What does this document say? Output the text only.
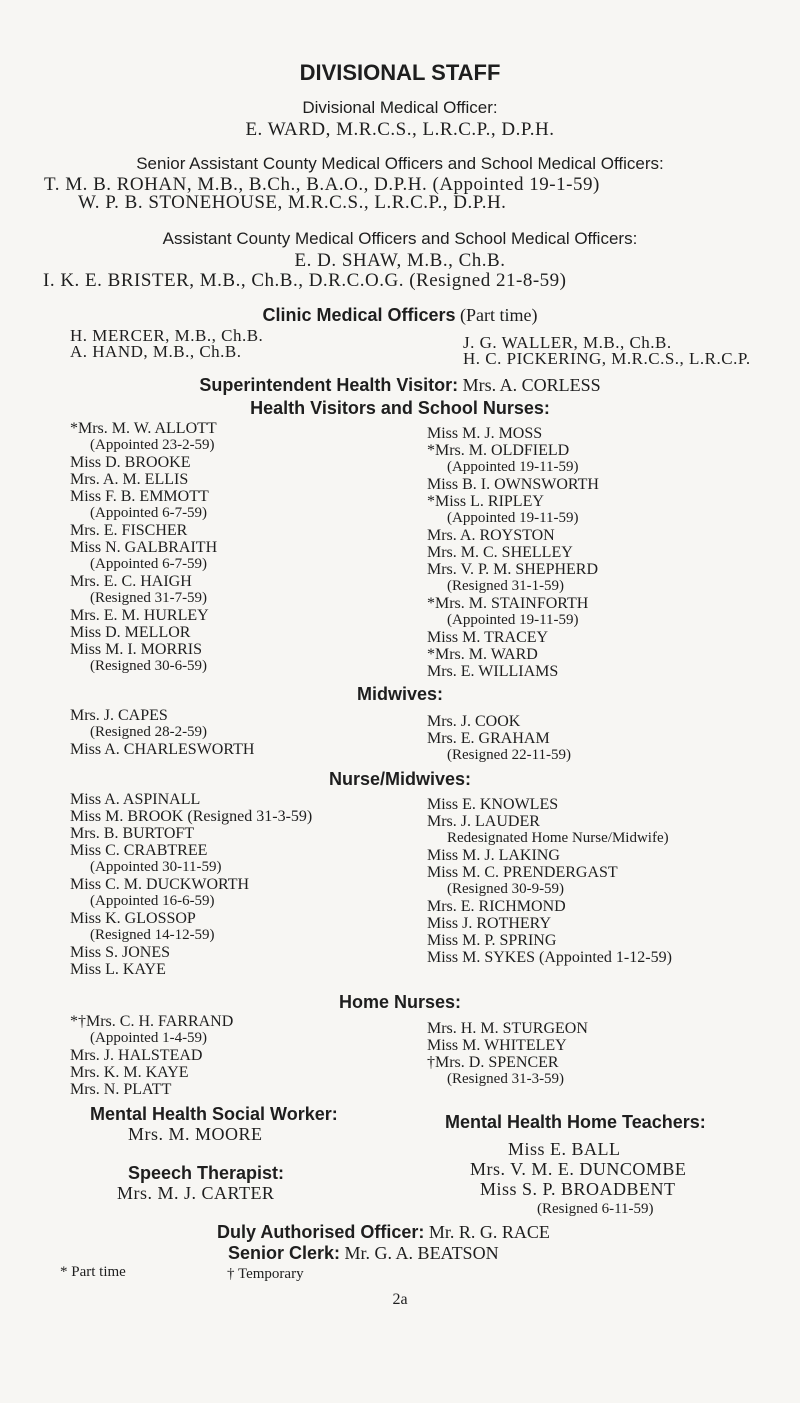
DIVISIONAL STAFF
Divisional Medical Officer:
E. WARD, M.R.C.S., L.R.C.P., D.P.H.
Senior Assistant County Medical Officers and School Medical Officers:
T. M. B. ROHAN, M.B., B.Ch., B.A.O., D.P.H. (Appointed 19-1-59)
W. P. B. STONEHOUSE, M.R.C.S., L.R.C.P., D.P.H.
Assistant County Medical Officers and School Medical Officers:
E. D. SHAW, M.B., Ch.B.
I. K. E. BRISTER, M.B., Ch.B., D.R.C.O.G. (Resigned 21-8-59)
Clinic Medical Officers (Part time)
H. MERCER, M.B., Ch.B.
A. HAND, M.B., Ch.B.	J. G. WALLER, M.B., Ch.B.
H. C. PICKERING, M.R.C.S., L.R.C.P.
Superintendent Health Visitor: Mrs. A. CORLESS
Health Visitors and School Nurses:
*Mrs. M. W. ALLOTT
(Appointed 23-2-59)
Miss D. BROOKE
Mrs. A. M. ELLIS
Miss F. B. EMMOTT
(Appointed 6-7-59)
Mrs. E. FISCHER
Miss N. GALBRAITH
(Appointed 6-7-59)
Mrs. E. C. HAIGH
(Resigned 31-7-59)
Mrs. E. M. HURLEY
Miss D. MELLOR
Miss M. I. MORRIS
(Resigned 30-6-59)
Miss M. J. MOSS
*Mrs. M. OLDFIELD
(Appointed 19-11-59)
Miss B. I. OWNSWORTH
*Miss L. RIPLEY
(Appointed 19-11-59)
Mrs. A. ROYSTON
Mrs. M. C. SHELLEY
Mrs. V. P. M. SHEPHERD
(Resigned 31-1-59)
*Mrs. M. STAINFORTH
(Appointed 19-11-59)
Miss M. TRACEY
*Mrs. M. WARD
Mrs. E. WILLIAMS
Midwives:
Mrs. J. CAPES
(Resigned 28-2-59)
Miss A. CHARLESWORTH
Mrs. J. COOK
Mrs. E. GRAHAM
(Resigned 22-11-59)
Nurse/Midwives:
Miss A. ASPINALL
Miss M. BROOK (Resigned 31-3-59)
Mrs. B. BURTOFT
Miss C. CRABTREE
(Appointed 30-11-59)
Miss C. M. DUCKWORTH
(Appointed 16-6-59)
Miss K. GLOSSOP
(Resigned 14-12-59)
Miss S. JONES
Miss L. KAYE
Miss E. KNOWLES
Mrs. J. LAUDER
Redesignated Home Nurse/Midwife)
Miss M. J. LAKING
Miss M. C. PRENDERGAST
(Resigned 30-9-59)
Mrs. E. RICHMOND
Miss J. ROTHERY
Miss M. P. SPRING
Miss M. SYKES (Appointed 1-12-59)
Home Nurses:
*†Mrs. C. H. FARRAND
(Appointed 1-4-59)
Mrs. J. HALSTEAD
Mrs. K. M. KAYE
Mrs. N. PLATT
Mrs. H. M. STURGEON
Miss M. WHITELEY
†Mrs. D. SPENCER
(Resigned 31-3-59)
Mental Health Social Worker:
Mrs. M. MOORE
Speech Therapist:
Mrs. M. J. CARTER
Mental Health Home Teachers:
Miss E. BALL
Mrs. V. M. E. DUNCOMBE
Miss S. P. BROADBENT
(Resigned 6-11-59)
Duly Authorised Officer: Mr. R. G. RACE
Senior Clerk: Mr. G. A. BEATSON
* Part time	† Temporary
2a
